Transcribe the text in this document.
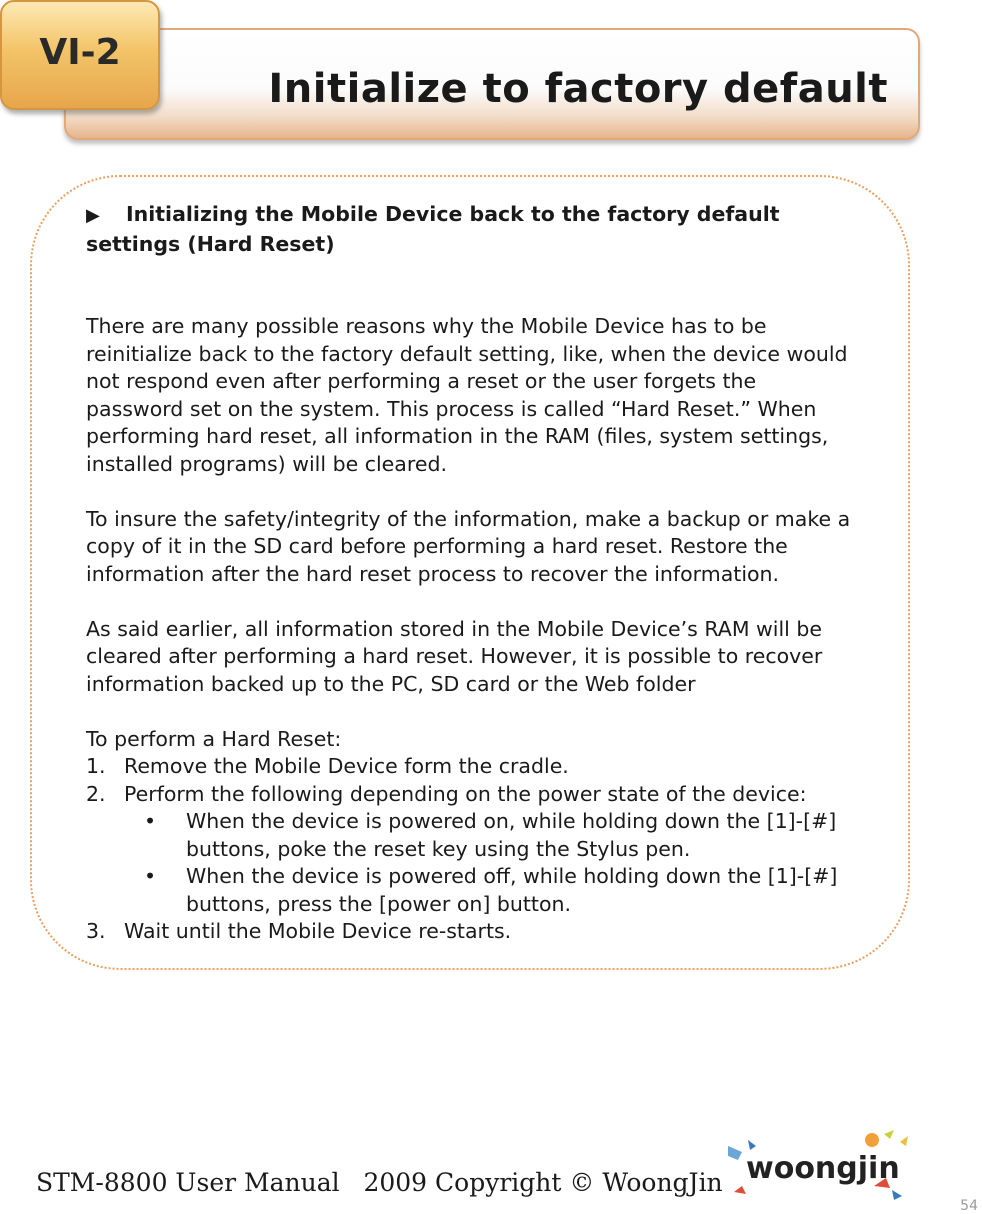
Initialize to factory default
VI-2
▶ Initializing the Mobile Device back to the factory default settings (Hard Reset)

There are many possible reasons why the Mobile Device has to be reinitialize back to the factory default setting, like, when the device would not respond even after performing a reset or the user forgets the password set on the system. This process is called “Hard Reset.” When performing hard reset, all information in the RAM (files, system settings, installed programs) will be cleared.

To insure the safety/integrity of the information, make a backup or make a copy of it in the SD card before performing a hard reset. Restore the information after the hard reset process to recover the information.

As said earlier, all information stored in the Mobile Device’s RAM will be cleared after performing a hard reset. However, it is possible to recover information backed up to the PC, SD card or the Web folder

To perform a Hard Reset:

1. Remove the Mobile Device form the cradle.
2. Perform the following depending on the power state of the device:
• When the device is powered on, while holding down the [1]-[#] buttons, poke the reset key using the Stylus pen.
• When the device is powered off, while holding down the [1]-[#] buttons, press the [power on] button.
3. Wait until the Mobile Device re-starts.
STM-8800 User Manual 2009 Copyright © WoongJin woongjin
54
